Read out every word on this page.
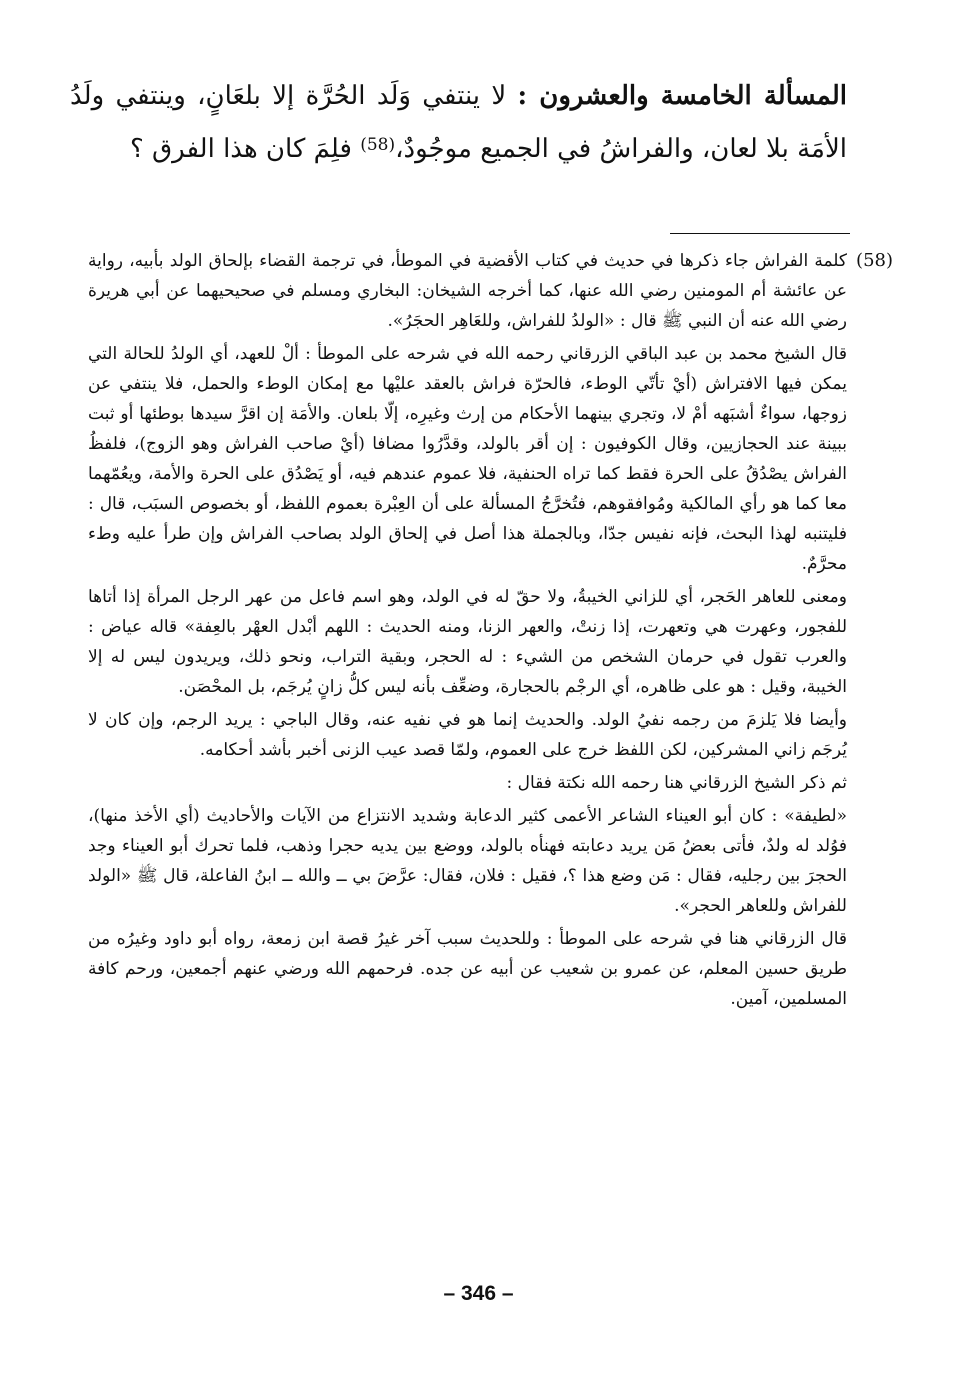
المسألة الخامسة والعشرون : لا ينتفي وَلَد الحُرَّة إلا بلعَانٍ، وينتفي ولَدُ الأمَة بلا لعان، والفراشُ في الجميع موجُودٌ،$^{(58)}$ فلِمَ كان هذا الفرق ؟
(58)

كلمة الفراش جاء ذكرها في حديث في كتاب الأقضية في الموطأ، في ترجمة القضاء بإلحاق الولد بأبيه، رواية عن عائشة أم المومنين رضي الله عنها، كما أخرجه الشيخان: البخاري ومسلم في صحيحيهما عن أبي هريرة رضي الله عنه أن النبي ﷺ قال : «الولدُ للفراش، وللعَاهِر الحجَرُ».

قال الشيخ محمد بن عبد الباقي الزرقاني رحمه الله في شرحه على الموطأ : ألْ للعهد، أي الولدُ للحالة التي يمكن فيها الافتراش (أيْ تأتّي الوطء، فالحرّة فراش بالعقد عليْها مع إمكان الوطء والحمل، فلا ينتفي عن زوجها، سواءٌ أشبَهه أمْ لا، وتجري بينهما الأحكام من إرث وغيرِه، إلّا بلعان. والأمَة إن اقرَّ سيدها بوطئها أو ثبت ببينة عند الحجازيين، وقال الكوفيون : إن أقر بالولد، وقدَّرُوا مضافا (أيْ صاحب الفراش وهو الزوج)، فلفظُ الفراش يصْدُقُ على الحرة فقط كما تراه الحنفية، فلا عموم عندهم فيه، أو يَصْدُق على الحرة والأمة، ويعُمّهما معا كما هو رأي المالكية ومُوافقوهم، فتُخرَّجُ المسألة على أن العِبْرة بعموم اللفظ، أو بخصوص السبَب، قال : فليتنبه لهذا البحث، فإنه نفيس جدّا، وبالجملة هذا أصل في إلحاق الولد بصاحب الفراش وإن طرأ عليه وطء محرَّمٌ.

ومعنى للعاهر الحَجر، أي للزاني الخيبةُ، ولا حقّ له في الولد، وهو اسم فاعل من عهر الرجل المرأة إذا أتاها للفجور، وعهرت هي وتعهرت، إذا زنتْ، والعهر الزنا، ومنه الحديث : اللهم أبْدل العهْر بالعِفة» قاله عياض : والعرب تقول في حرمان الشخص من الشيء : له الحجر، وبقية التراب، ونحو ذلك، ويريدون ليس له إلا الخيبة، وقيل : هو على ظاهره، أي الرجْم بالحجارة، وضعِّف بأنه ليس كلُّ زانٍ يُرجَم، بل المحْصَن.

وأيضا فلا يَلزمَ من رجمه نفيُ الولد. والحديث إنما هو في نفيه عنه، وقال الباجي : يريد الرجم، وإن كان لا يُرجَم زاني المشركين، لكن اللفظ خرج على العموم، ولمّا قصد عيب الزنى أخبر بأشد أحكامه.

ثم ذكر الشيخ الزرقاني هنا رحمه الله نكتة فقال :

«لطيفة» : كان أبو العيناء الشاعر الأعمى كثير الدعابة وشديد الانتزاع من الآيات والأحاديث (أي الأخذ منها)، فوُلد له ولدٌ، فأتى بعضُ مَن يريد دعابته فهنأه بالولد، ووضع بين يديه حجرا وذهب، فلما تحرك أبو العيناء وجد الحجرَ بين رجليه، فقال : مَن وضع هذا ؟، فقيل : فلان، فقال: عرَّضَ بي ــ والله ــ ابنُ الفاعلة، قال ﷺ «الولد للفراش وللعاهر الحجر».

قال الزرقاني هنا في شرحه على الموطأ : وللحديث سبب آخر غيرُ قصة ابن زمعة، رواه أبو داود وغيرُه من طريق حسين المعلم، عن عمرو بن شعيب عن أبيه عن جده. فرحمهم الله ورضي عنهم أجمعين، ورحم كافة المسلمين، آمين.

– 346 –
